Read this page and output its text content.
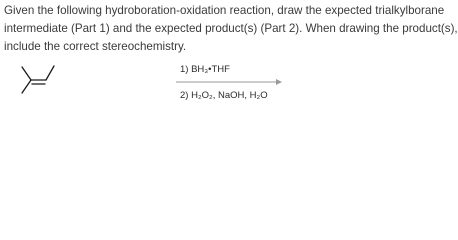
Given the following hydroboration-oxidation reaction, draw the expected trialkylborane
intermediate (Part 1) and the expected product(s) (Part 2). When drawing the product(s),
include the correct stereochemistry.

1) BH₃•THF

2) H₂O₂, NaOH, H₂O
